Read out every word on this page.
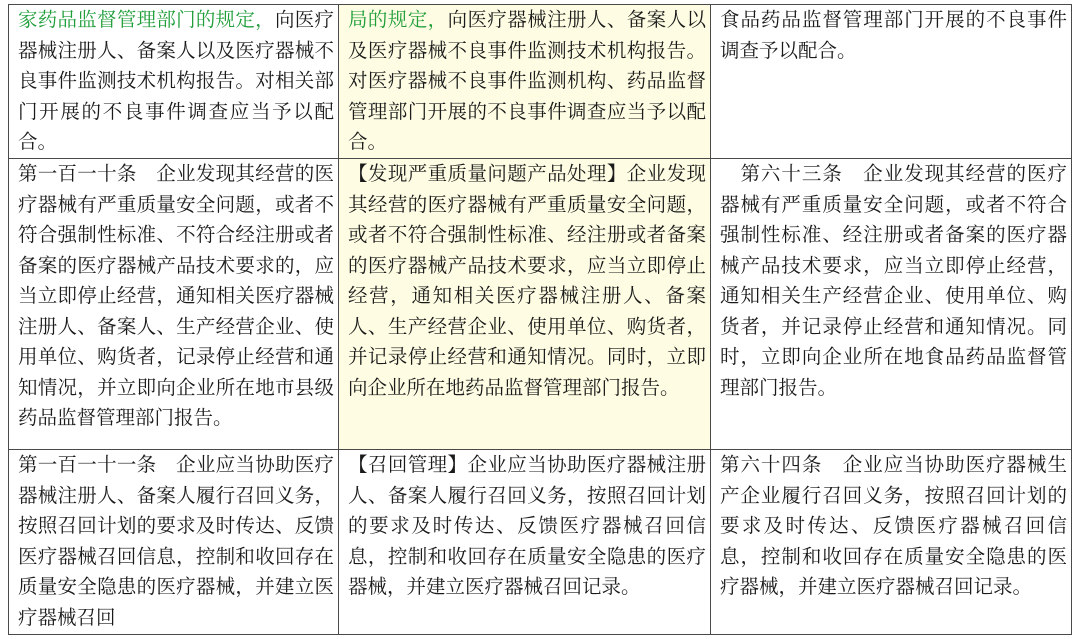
家药品监督管理部门的规定，向医疗器械注册人、备案人以及医疗器械不良事件监测技术机构报告。对相关部门开展的不良事件调查应当予以配合。	局的规定，向医疗器械注册人、备案人以及医疗器械不良事件监测技术机构报告。对医疗器械不良事件监测机构、药品监督管理部门开展的不良事件调查应当予以配合。	食品药品监督管理部门开展的不良事件调查予以配合。
第一百一十条　企业发现其经营的医疗器械有严重质量安全问题，或者不符合强制性标准、不符合经注册或者备案的医疗器械产品技术要求的，应当立即停止经营，通知相关医疗器械注册人、备案人、生产经营企业、使用单位、购货者，记录停止经营和通知情况，并立即向企业所在地市县级药品监督管理部门报告。	【发现严重质量问题产品处理】企业发现其经营的医疗器械有严重质量安全问题，或者不符合强制性标准、经注册或者备案的医疗器械产品技术要求，应当立即停止经营，通知相关医疗器械注册人、备案人、生产经营企业、使用单位、购货者，并记录停止经营和通知情况。同时，立即向企业所在地药品监督管理部门报告。	　第六十三条　企业发现其经营的医疗器械有严重质量安全问题，或者不符合强制性标准、经注册或者备案的医疗器械产品技术要求，应当立即停止经营，通知相关生产经营企业、使用单位、购货者，并记录停止经营和通知情况。同时，立即向企业所在地食品药品监督管理部门报告。
第一百一十一条　企业应当协助医疗器械注册人、备案人履行召回义务，按照召回计划的要求及时传达、反馈医疗器械召回信息，控制和收回存在质量安全隐患的医疗器械，并建立医疗器械召回	【召回管理】企业应当协助医疗器械注册人、备案人履行召回义务，按照召回计划的要求及时传达、反馈医疗器械召回信息，控制和收回存在质量安全隐患的医疗器械，并建立医疗器械召回记录。	第六十四条　企业应当协助医疗器械生产企业履行召回义务，按照召回计划的要求及时传达、反馈医疗器械召回信息，控制和收回存在质量安全隐患的医疗器械，并建立医疗器械召回记录。
